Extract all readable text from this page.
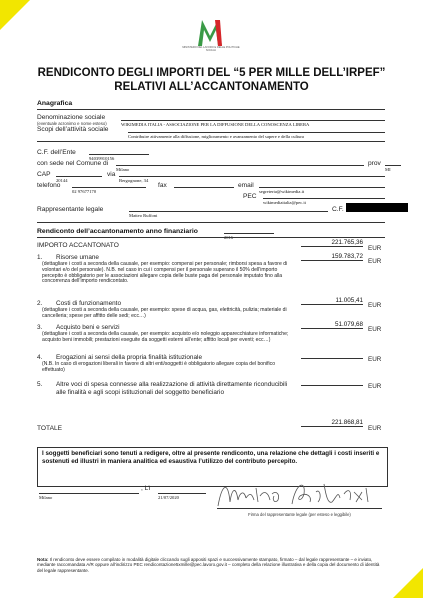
MINISTERO DEL LAVORO E DELLE POLITICHE SOCIALI
RENDICONTO DEGLI IMPORTI DEL “5 PER MILLE DELL’IRPEF”
RELATIVI ALL’ACCANTONAMENTO
Anagrafica
Denominazione sociale
(eventuale acronimo e nome esteso)	WIKIMEDIA ITALIA - ASSOCIAZIONE PER LA DIFFUSIONE DELLA CONOSCENZA LIBERA
Scopi dell’attività sociale
Contribuire attivamente alla diffusione, miglioramento e avanzamento del sapere e della cultura
C.F. dell’Ente
94039910156
con sede nel Comune di
Milano
prov
MI
CAP
20144
via
Bergognone, 34
telefono
02 97677170
fax	email
segreteria@wikimedia.it
PEC
wikimediaitalia@pec.it
Rappresentante legale
Matteo Ruffoni
C.F.
Rendiconto dell’accantonamento anno finanziario
2016
IMPORTO ACCANTONATO	221.765,36
EUR
1. Risorse umane
(dettagliare i costi a seconda della causale, per esempio: compensi per personale; rimborsi spesa a favore di volontari e/o del personale). N.B. nel caso in cui i compensi per il personale superano il 50% dell’importo percepito è obbligatorio per le associazioni allegare copia delle buste paga del personale imputato fino alla concorrenza dell’importo rendicontato.
159.783,72
EUR
2. Costi di funzionamento
(dettagliare i costi a seconda della causale, per esempio: spese di acqua, gas, elettricità, pulizia; materiale di cancelleria; spese per affitto delle sedi; ecc…)
11.005,41
EUR
3. Acquisto beni e servizi
(dettagliare i costi a seconda della causale, per esempio: acquisto e/o noleggio apparecchiature informatiche; acquisto beni immobili; prestazioni eseguite da soggetti esterni all’ente; affitto locali per eventi; ecc…)
51.079,68
EUR
4. Erogazioni ai sensi della propria finalità istituzionale
(N.B. In caso di erogazioni liberali in favore di altri enti/soggetti è obbligatorio allegare copia del bonifico effettuato)
EUR
5. Altre voci di spesa connesse alla realizzazione di attività direttamente riconducibili alle finalità e agli scopi istituzionali del soggetto beneficiario
EUR
TOTALE
221.868,81
EUR
I soggetti beneficiari sono tenuti a redigere, oltre al presente rendiconto, una relazione che dettagli i costi inseriti e sostenuti ed illustri in maniera analitica ed esaustiva l’utilizzo del contributo percepito.
Milano
, Lì
21/07/2020
Firma del rappresentante legale (per esteso e leggibile)
Nota: Il rendiconto deve essere compilato in modalità digitale cliccando sugli appositi spazi e successivamente stampato, firmato – dal legale rappresentante – e inviato, mediante raccomandata A/R oppure all’indirizzo PEC rendicontazione5xmille@pec.lavoro.gov.it – completo della relazione illustrativa e della copia del documento di identità del legale rappresentante.
